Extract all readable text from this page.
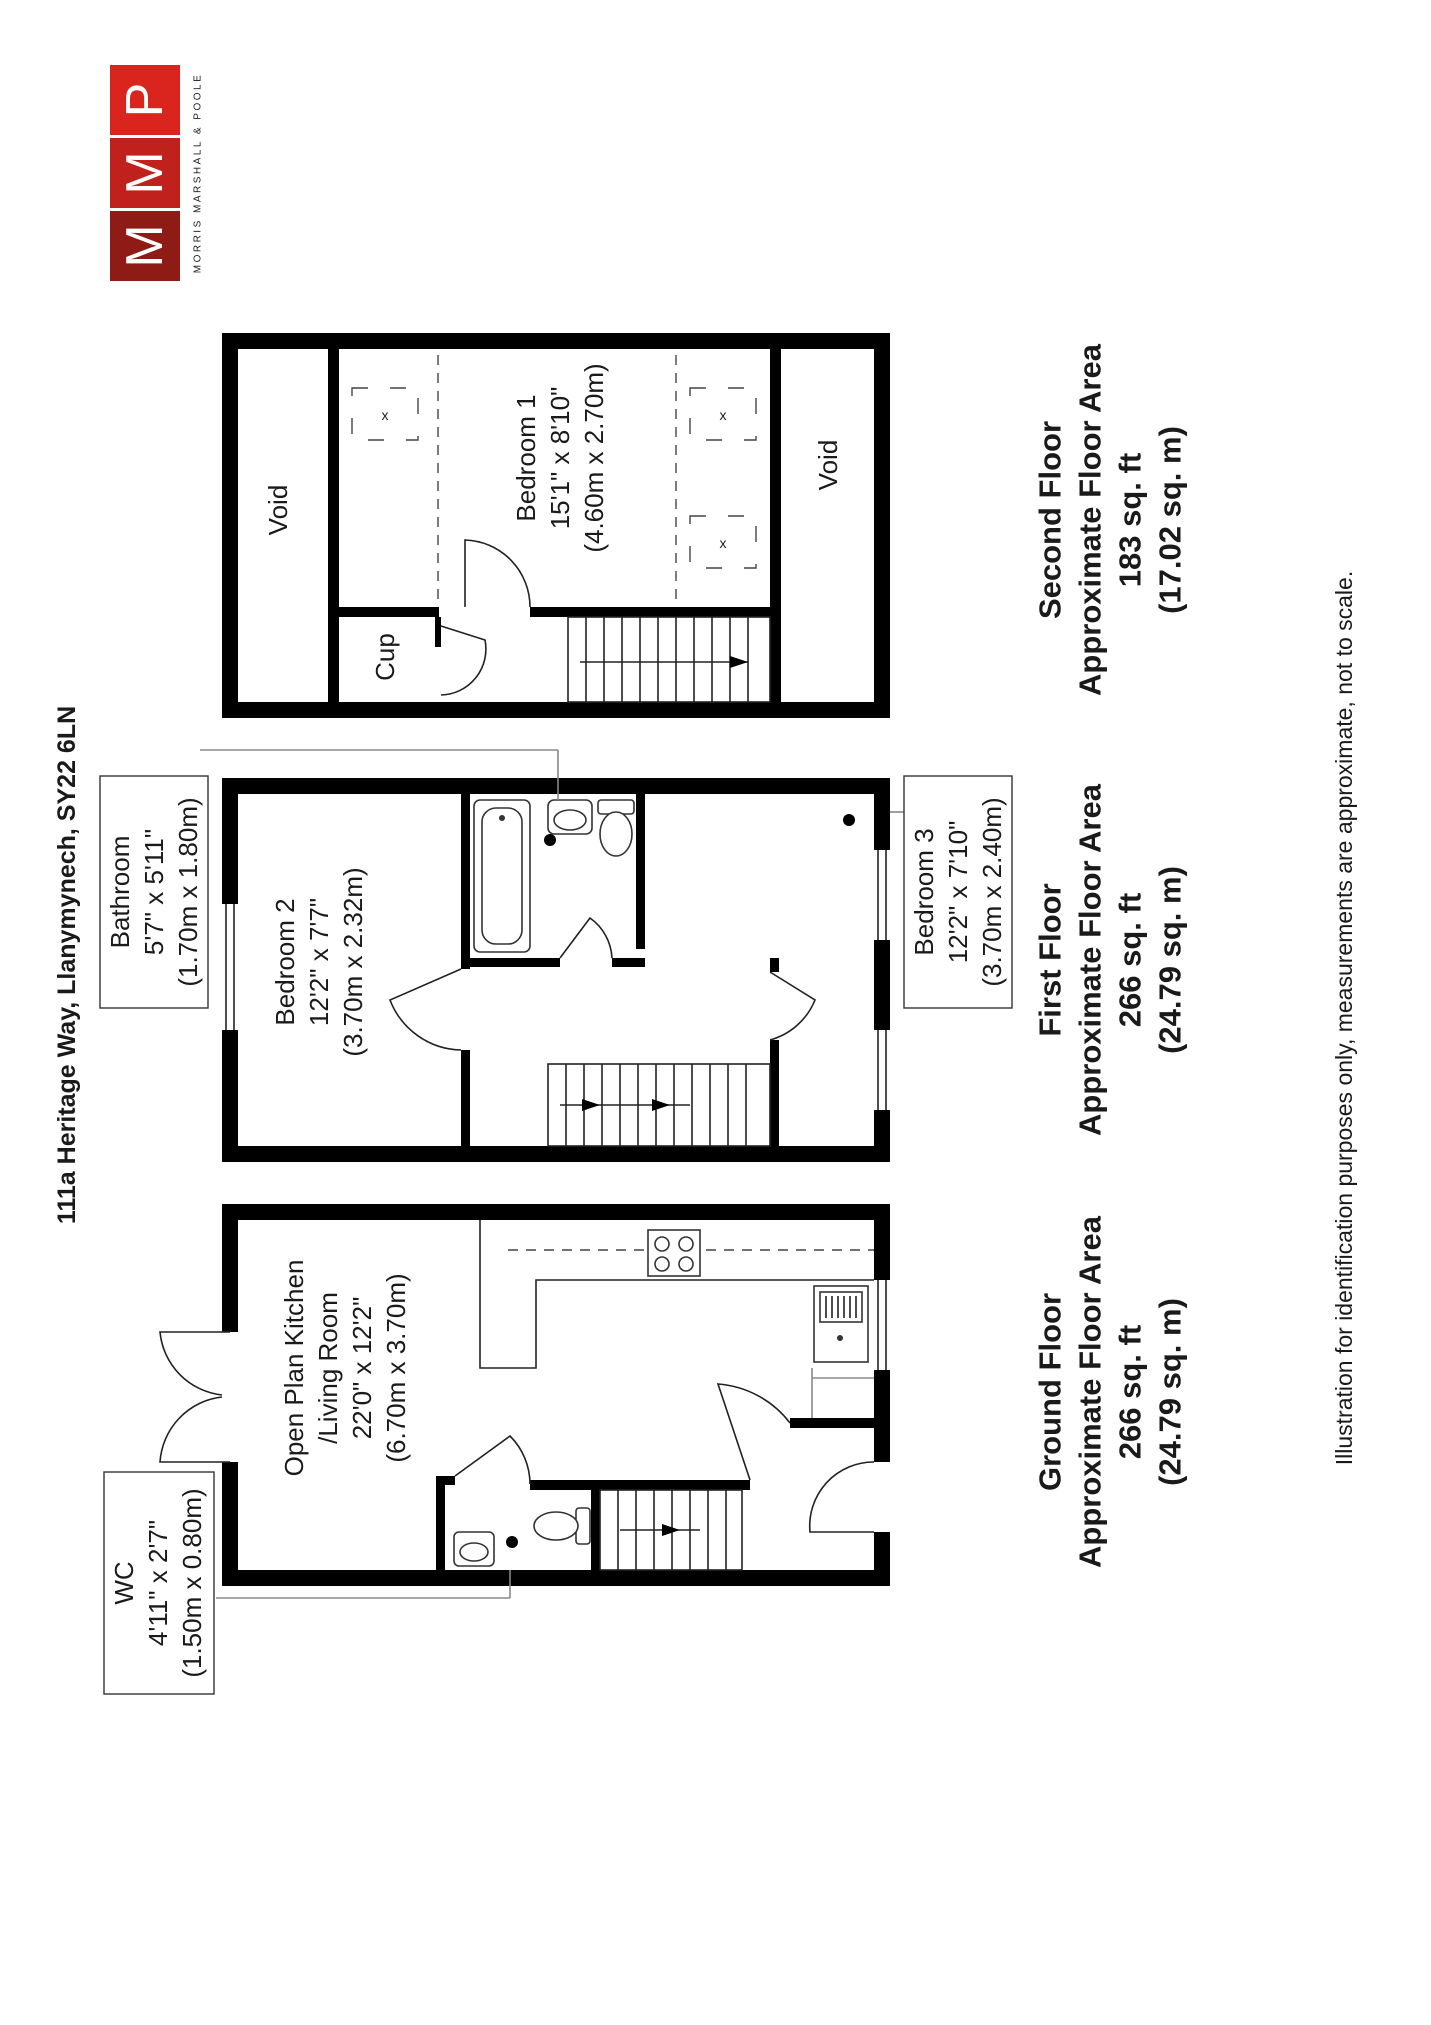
P
M
M MORRIS MARSHALL & POOLE
111a Heritage Way, Llanymynech, SY22 6LN
x	x
x
Void
Void
Cup
Bedroom 1 15'1" x 8'10" (4.60m x 2.70m)
Bathroom 5'7" x 5'11" (1.70m x 1.80m)	Bedroom 2 12'2" x 7'7" (3.70m x 2.32m)	Bedroom 3 12'2" x 7'10" (3.70m x 2.40m)
WC 4'11" x 2'7" (1.50m x 0.80m)
Open Plan Kitchen /Living Room 22'0" x 12'2" (6.70m x 3.70m)
Second Floor Approximate Floor Area 183 sq. ft (17.02 sq. m)
First Floor Approximate Floor Area 266 sq. ft (24.79 sq. m)
Ground Floor Approximate Floor Area 266 sq. ft (24.79 sq. m)	Illustration for identification purposes only, measurements are approximate, not to scale.
